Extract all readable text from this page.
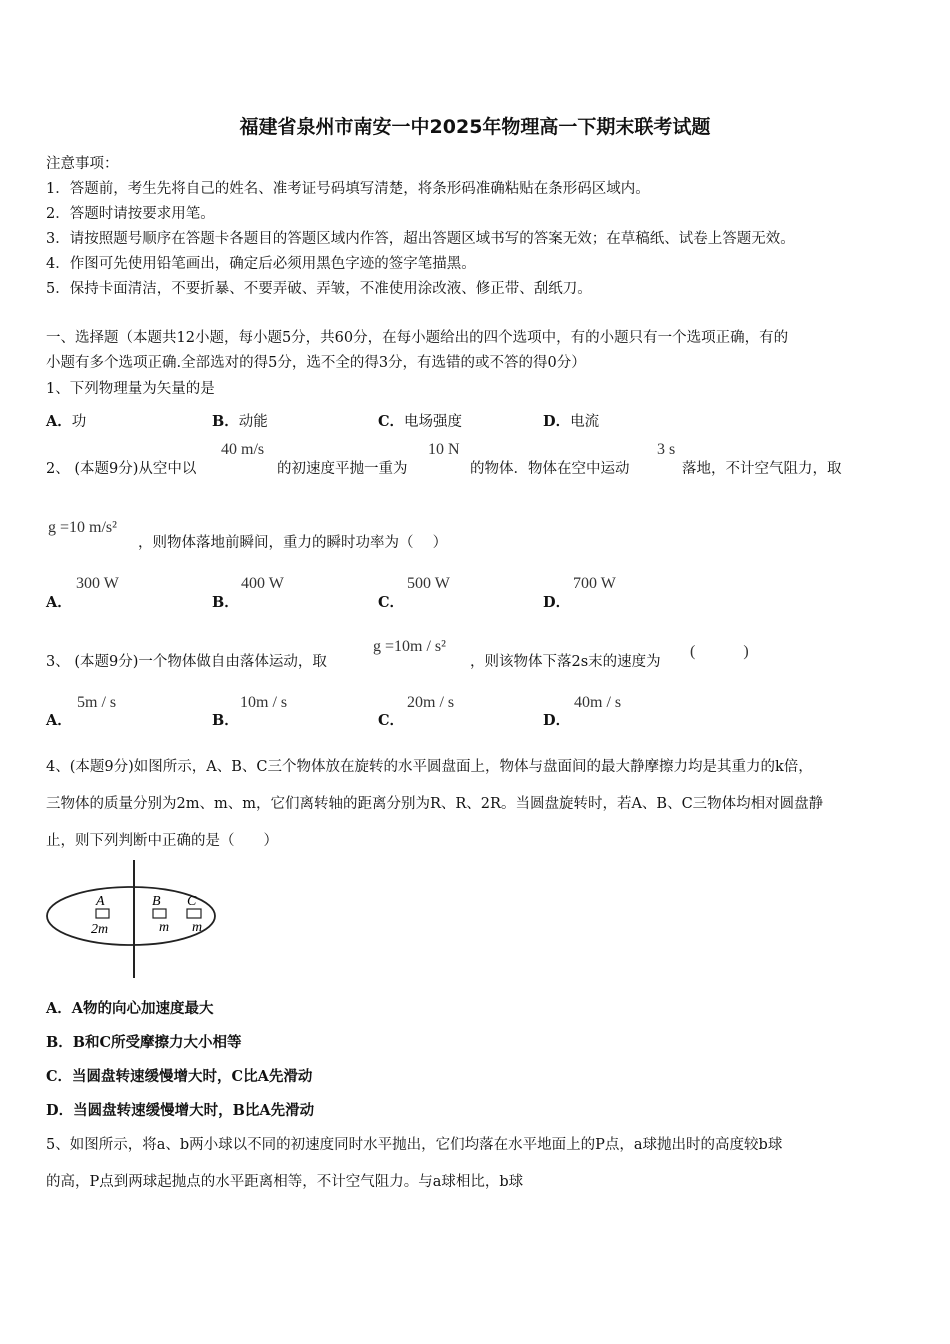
福建省泉州市南安一中2025年物理高一下期末联考试题
注意事项：
1．答题前，考生先将自己的姓名、准考证号码填写清楚，将条形码准确粘贴在条形码区域内。
2．答题时请按要求用笔。
3．请按照题号顺序在答题卡各题目的答题区域内作答，超出答题区域书写的答案无效；在草稿纸、试卷上答题无效。
4．作图可先使用铅笔画出，确定后必须用黑色字迹的签字笔描黑。
5．保持卡面清洁，不要折暴、不要弄破、弄皱，不准使用涂改液、修正带、刮纸刀。
一、选择题（本题共12小题，每小题5分，共60分，在每小题给出的四个选项中，有的小题只有一个选项正确，有的
小题有多个选项正确.全部选对的得5分，选不全的得3分，有选错的或不答的得0分）
1、下列物理量为矢量的是
A．功	B．动能	C．电场强度	D．电流
2、 (本题9分)从空中以
40 m/s
的初速度平抛一重为
10 N
的物体．物体在空中运动
3 s
落地，不计空气阻力，取
g =10 m/s²
，则物体落地前瞬间，重力的瞬时功率为（　 ）
A．
300 W
B．
400 W
C．
500 W
D．
700 W
3、 (本题9分)一个物体做自由落体运动，取
g =10m / s²
，则该物体下落2s末的速度为
(　　　)
A．
5m / s
B．
10m / s
C．
20m / s
D．
40m / s
4、(本题9分)如图所示，A、B、C三个物体放在旋转的水平圆盘面上，物体与盘面间的最大静摩擦力均是其重力的k倍，
三物体的质量分别为2m、m、m，它们离转轴的距离分别为R、R、2R。当圆盘旋转时，若A、B、C三物体均相对圆盘静
止，则下列判断中正确的是（　　）
A	B C
2m	m m
A．A物的向心加速度最大
B．B和C所受摩擦力大小相等
C．当圆盘转速缓慢增大时，C比A先滑动
D．当圆盘转速缓慢增大时，B比A先滑动
5、如图所示，将a、b两小球以不同的初速度同时水平抛出，它们均落在水平地面上的P点，a球抛出时的高度较b球
的高，P点到两球起抛点的水平距离相等，不计空气阻力。与a球相比，b球
